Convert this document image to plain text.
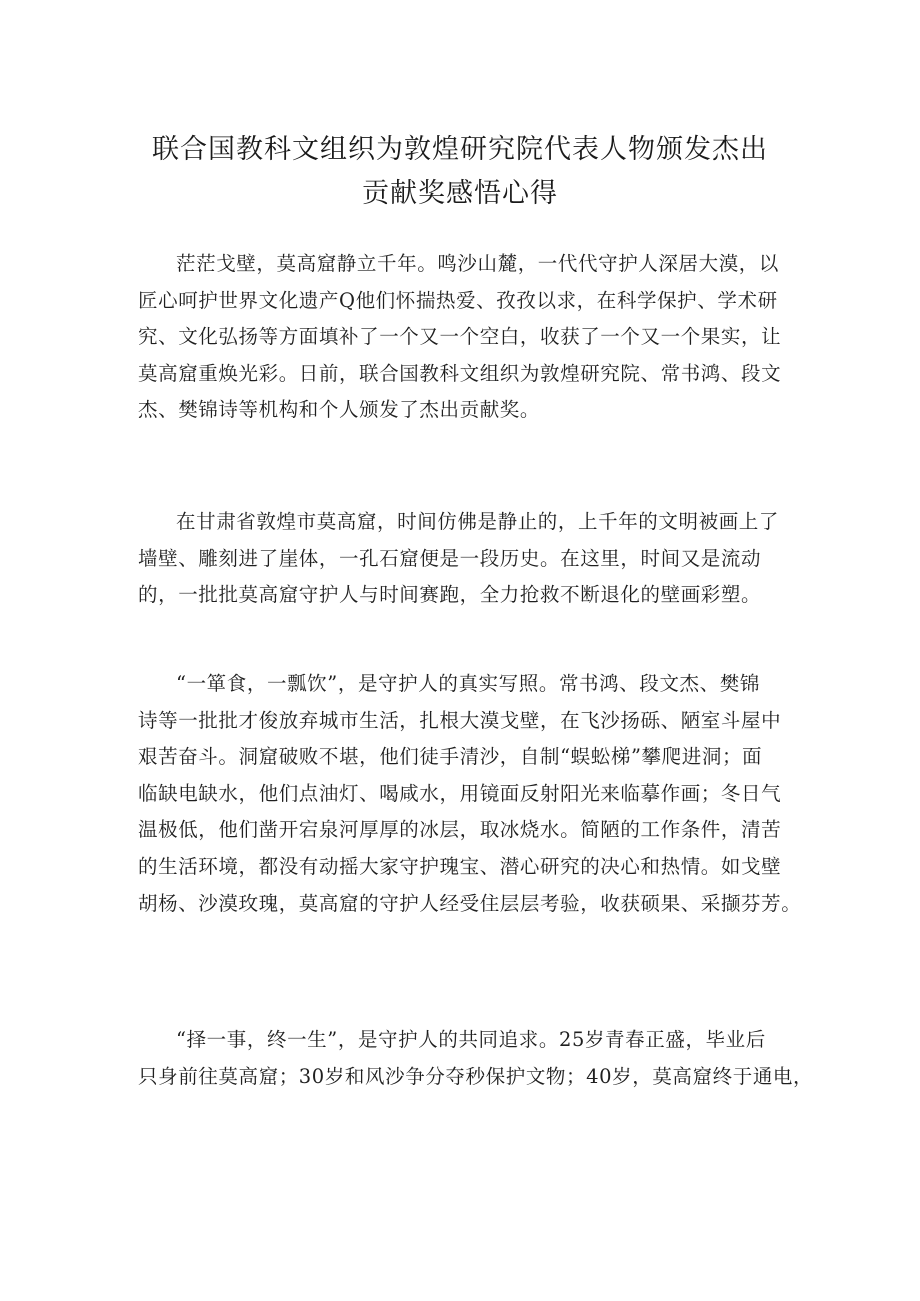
联合国教科文组织为敦煌研究院代表人物颁发杰出
贡献奖感悟心得
茫茫戈壁，莫高窟静立千年。鸣沙山麓，一代代守护人深居大漠，以
匠心呵护世界文化遗产Q他们怀揣热爱、孜孜以求，在科学保护、学术研
究、文化弘扬等方面填补了一个又一个空白，收获了一个又一个果实，让
莫高窟重焕光彩。日前，联合国教科文组织为敦煌研究院、常书鸿、段文
杰、樊锦诗等机构和个人颁发了杰出贡献奖。
在甘肃省敦煌市莫高窟，时间仿佛是静止的，上千年的文明被画上了
墙壁、雕刻进了崖体，一孔石窟便是一段历史。在这里，时间又是流动
的，一批批莫高窟守护人与时间赛跑，全力抢救不断退化的壁画彩塑。
“一箪食，一瓢饮”，是守护人的真实写照。常书鸿、段文杰、樊锦
诗等一批批才俊放弃城市生活，扎根大漠戈壁，在飞沙扬砾、陋室斗屋中
艰苦奋斗。洞窟破败不堪，他们徒手清沙，自制“蜈蚣梯”攀爬进洞；面
临缺电缺水，他们点油灯、喝咸水，用镜面反射阳光来临摹作画；冬日气
温极低，他们凿开宕泉河厚厚的冰层，取冰烧水。简陋的工作条件，清苦
的生活环境，都没有动摇大家守护瑰宝、潜心研究的决心和热情。如戈壁
胡杨、沙漠玫瑰，莫高窟的守护人经受住层层考验，收获硕果、采撷芬芳。
“择一事，终一生”，是守护人的共同追求。25岁青春正盛，毕业后
只身前往莫高窟；30岁和风沙争分夺秒保护文物；40岁，莫高窟终于通电，
